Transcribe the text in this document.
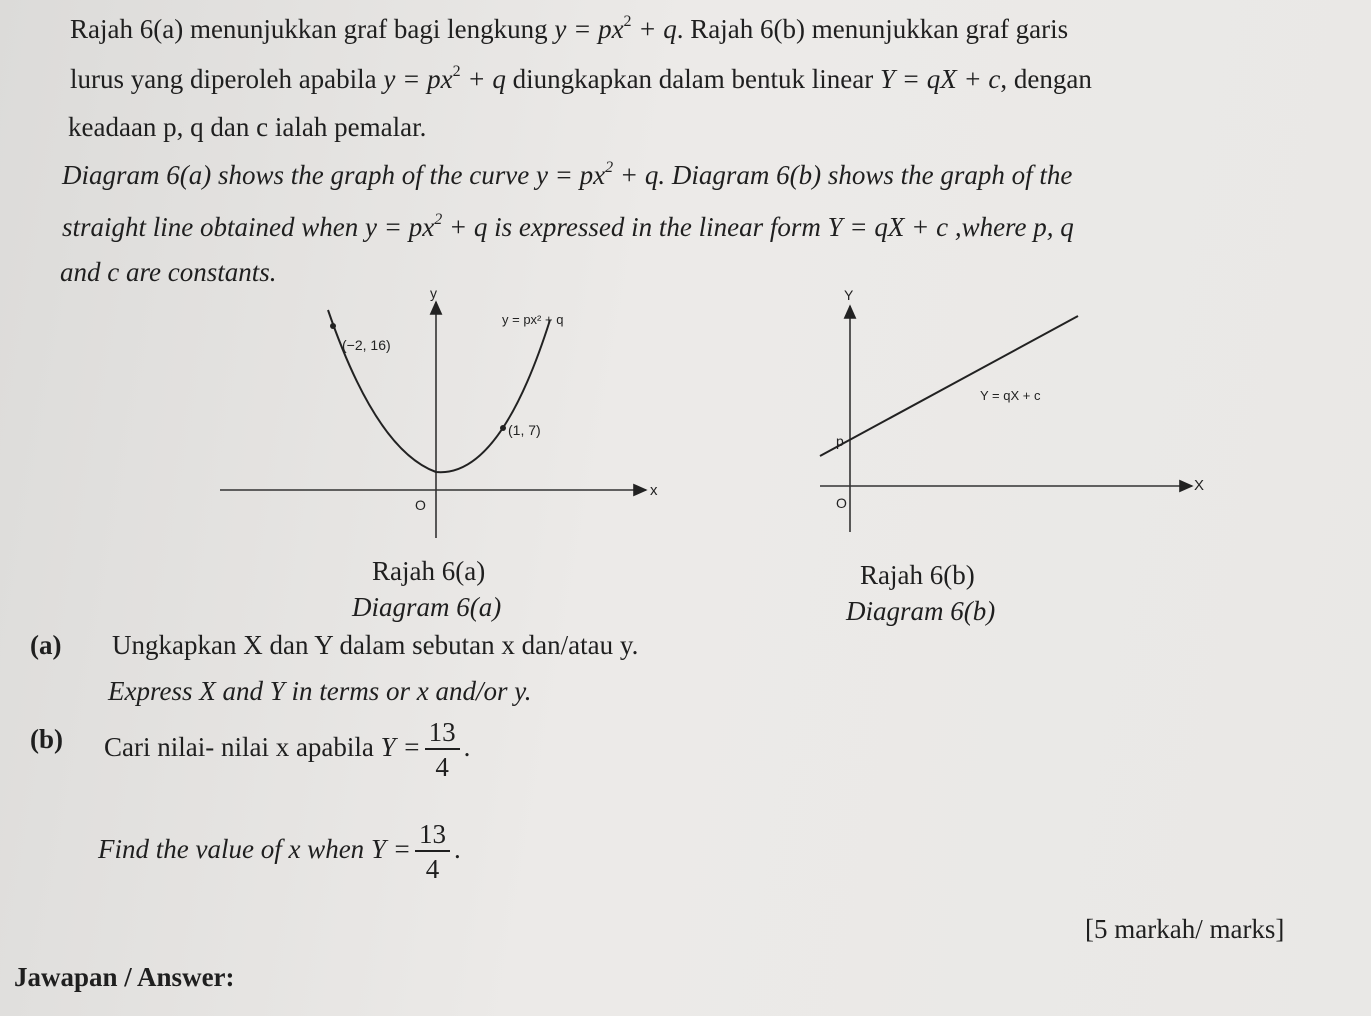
Rajah 6(a) menunjukkan graf bagi lengkung $y = px^2 + q$. Rajah 6(b) menunjukkan graf garis
lurus yang diperoleh apabila $y = px^2 + q$ diungkapkan dalam bentuk linear Y = qX + c, dengan
keadaan p, q dan c ialah pemalar.
Diagram 6(a) shows the graph of the curve $y = px^2 + q$. Diagram 6(b) shows the graph of the
straight line obtained when $y = px^2 + q$ is expressed in the linear form Y = qX + c ,where p, q
and c are constants.
y
x
O
y = px² + q
(−2, 16)
(1, 7)
Y
X
O
Y = qX + c
p
Rajah 6(a)
Diagram 6(a)
Rajah 6(b)
Diagram 6(b)
(a) Ungkapkan X dan Y dalam sebutan x dan/atau y.
Express X and Y in terms or x and/or y.
(b) Cari nilai- nilai x apabila $Y = \frac{13}{4}$ .
Find the value of x when $Y = \frac{13}{4}$ .
[5 markah/ marks]
Jawapan / Answer:
